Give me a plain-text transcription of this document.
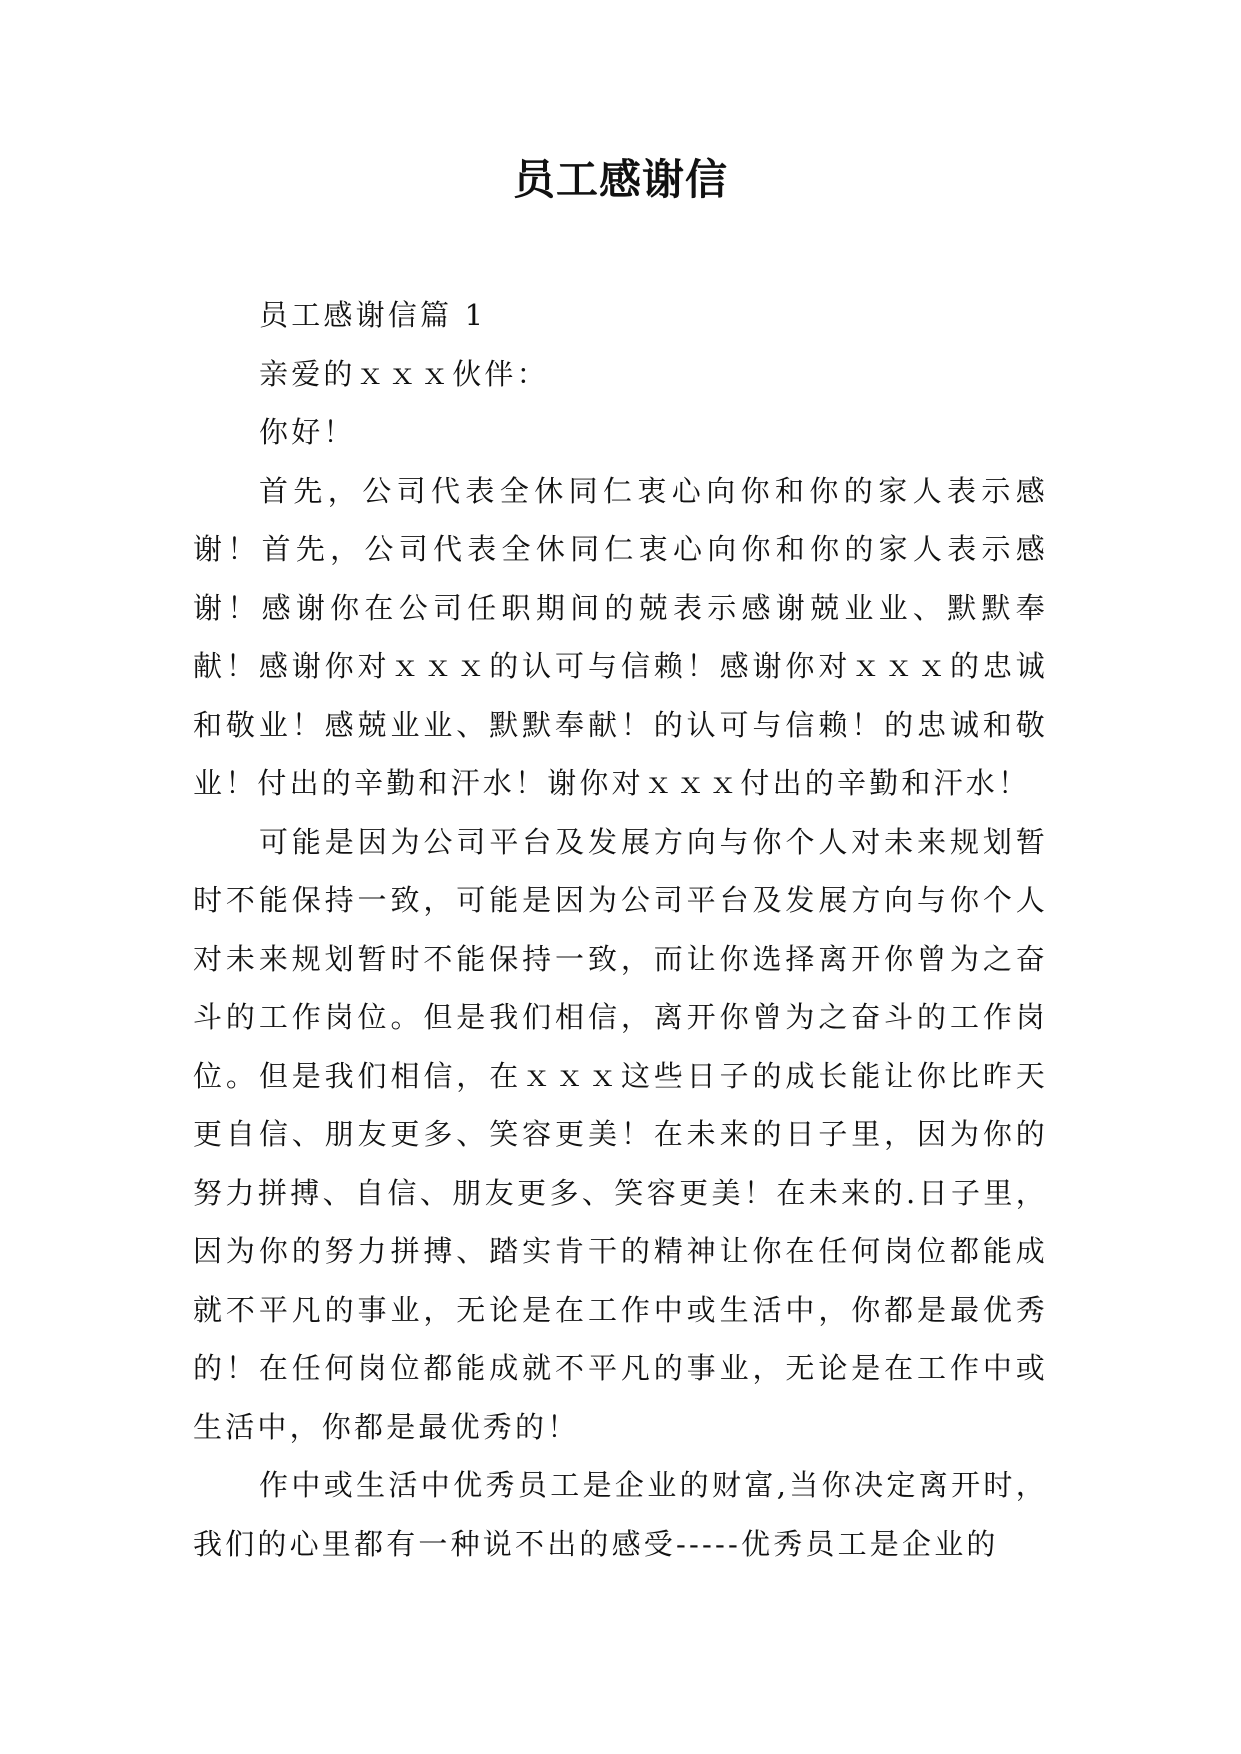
员工感谢信

员工感谢信篇 1

亲爱的ｘｘｘ伙伴：

你好！

首先，公司代表全休同仁衷心向你和你的家人表示感谢！首先，公司代表全休同仁衷心向你和你的家人表示感谢！感谢你在公司任职期间的兢表示感谢兢业业、默默奉献！感谢你对ｘｘｘ的认可与信赖！感谢你对ｘｘｘ的忠诚和敬业！感兢业业、默默奉献！的认可与信赖！的忠诚和敬业！付出的辛勤和汗水！谢你对ｘｘｘ付出的辛勤和汗水！

可能是因为公司平台及发展方向与你个人对未来规划暂时不能保持一致，可能是因为公司平台及发展方向与你个人对未来规划暂时不能保持一致，而让你选择离开你曾为之奋斗的工作岗位。但是我们相信，离开你曾为之奋斗的工作岗位。但是我们相信，在ｘｘｘ这些日子的成长能让你比昨天更自信、朋友更多、笑容更美！在未来的日子里，因为你的努力拼搏、自信、朋友更多、笑容更美！在未来的.日子里，因为你的努力拼搏、踏实肯干的精神让你在任何岗位都能成就不平凡的事业，无论是在工作中或生活中，你都是最优秀的！在任何岗位都能成就不平凡的事业，无论是在工作中或生活中，你都是最优秀的！

作中或生活中优秀员工是企业的财富,当你决定离开时，我们的心里都有一种说不出的感受-----优秀员工是企业的
